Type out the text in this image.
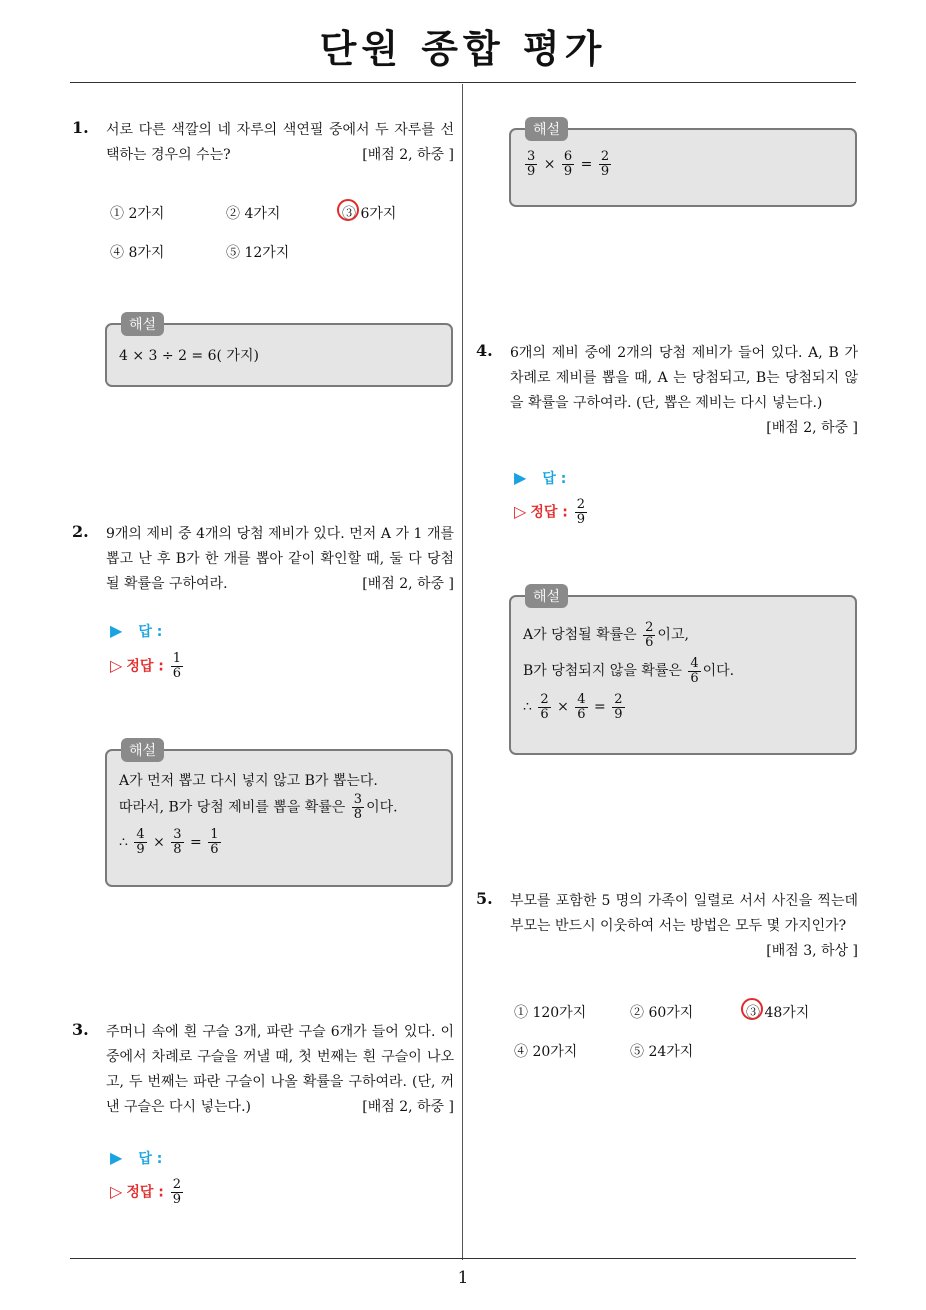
단원 종합 평가
1
1. 서로 다른 색깔의 네 자루의 색연필 중에서 두 자루를 선택하는 경우의 수는?	[배점 2, 하중 ]
① 2가지	② 4가지	③ 6가지
④ 8가지	⑤ 12가지
해설
4 × 3 ÷ 2 = 6( 가지)
2. 9개의 제비 중 4개의 당첨 제비가 있다. 먼저 A 가 1 개를 뽑고 난 후 B가 한 개를 뽑아 같이 확인할 때, 둘 다 당첨될 확률을 구하여라.	[배점 2, 하중 ]
▶ 답 :
▷ 정답 : $\frac{1}{6}$
해설
A가 먼저 뽑고 다시 넣지 않고 B가 뽑는다.
따라서, B가 당첨 제비를 뽑을 확률은 $\frac{3}{8}$ 이다.
∴ $\frac{4}{9} \times \frac{3}{8} = \frac{1}{6}$
3. 주머니 속에 흰 구슬 3개, 파란 구슬 6개가 들어 있다. 이 중에서 차례로 구슬을 꺼낼 때, 첫 번째는 흰 구슬이 나오고, 두 번째는 파란 구슬이 나올 확률을 구하여라. (단, 꺼낸 구슬은 다시 넣는다.)	[배점 2, 하중 ]
▶ 답 :
▷ 정답 : $\frac{2}{9}$
해설
$\frac{3}{9} \times \frac{6}{9} = \frac{2}{9}$
4. 6개의 제비 중에 2개의 당첨 제비가 들어 있다. A, B 가 차례로 제비를 뽑을 때, A 는 당첨되고, B는 당첨되지 않을 확률을 구하여라. (단, 뽑은 제비는 다시 넣는다.)
[배점 2, 하중 ]
▶ 답 :
▷ 정답 : $\frac{2}{9}$
해설
A가 당첨될 확률은 $\frac{2}{6}$ 이고,
B가 당첨되지 않을 확률은 $\frac{4}{6}$ 이다.
∴ $\frac{2}{6} \times \frac{4}{6} = \frac{2}{9}$
5. 부모를 포함한 5 명의 가족이 일렬로 서서 사진을 찍는데 부모는 반드시 이웃하여 서는 방법은 모두 몇 가지인가?
[배점 3, 하상 ]
① 120가지	② 60가지	③ 48가지
④ 20가지	⑤ 24가지
